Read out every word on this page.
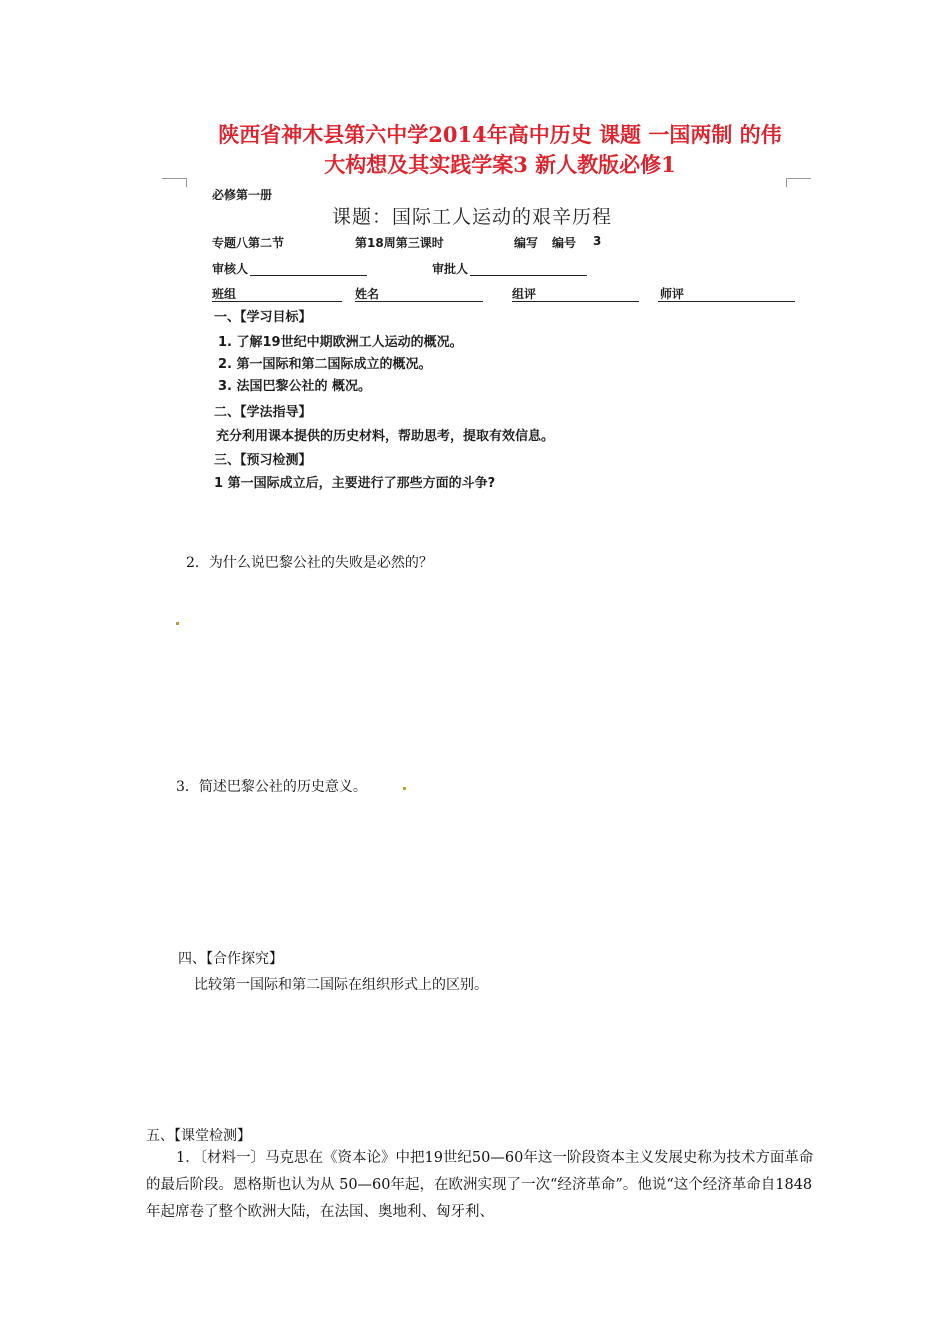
陕西省神木县第六中学2014年高中历史 课题 一国两制 的伟
大构想及其实践学案3 新人教版必修1
必修第一册
课题：国际工人运动的艰辛历程
专题八第二节	第18周第三课时	编写 编号 3
审核人	审批人
班组	姓名	组评	师评
一、【学习目标】
1. 了解19世纪中期欧洲工人运动的概况。
2. 第一国际和第二国际成立的概况。
3. 法国巴黎公社的 概况。
二、【学法指导】
充分利用课本提供的历史材料，帮助思考，提取有效信息。
三、【预习检测】
1 第一国际成立后，主要进行了那些方面的斗争?
2．为什么说巴黎公社的失败是必然的？
3．简述巴黎公社的历史意义。
四、【合作探究】
比较第一国际和第二国际在组织形式上的区别。
五、【课堂检测】
1．〔材料一〕马克思在《资本论》中把19世纪50—60年这一阶段资本主义发展史称为技术方面革命的最后阶段。恩格斯也认为从 50—60年起，在欧洲实现了一次“经济革命”。他说“这个经济革命自1848年起席卷了整个欧洲大陆，在法国、奥地利、匈牙利、
